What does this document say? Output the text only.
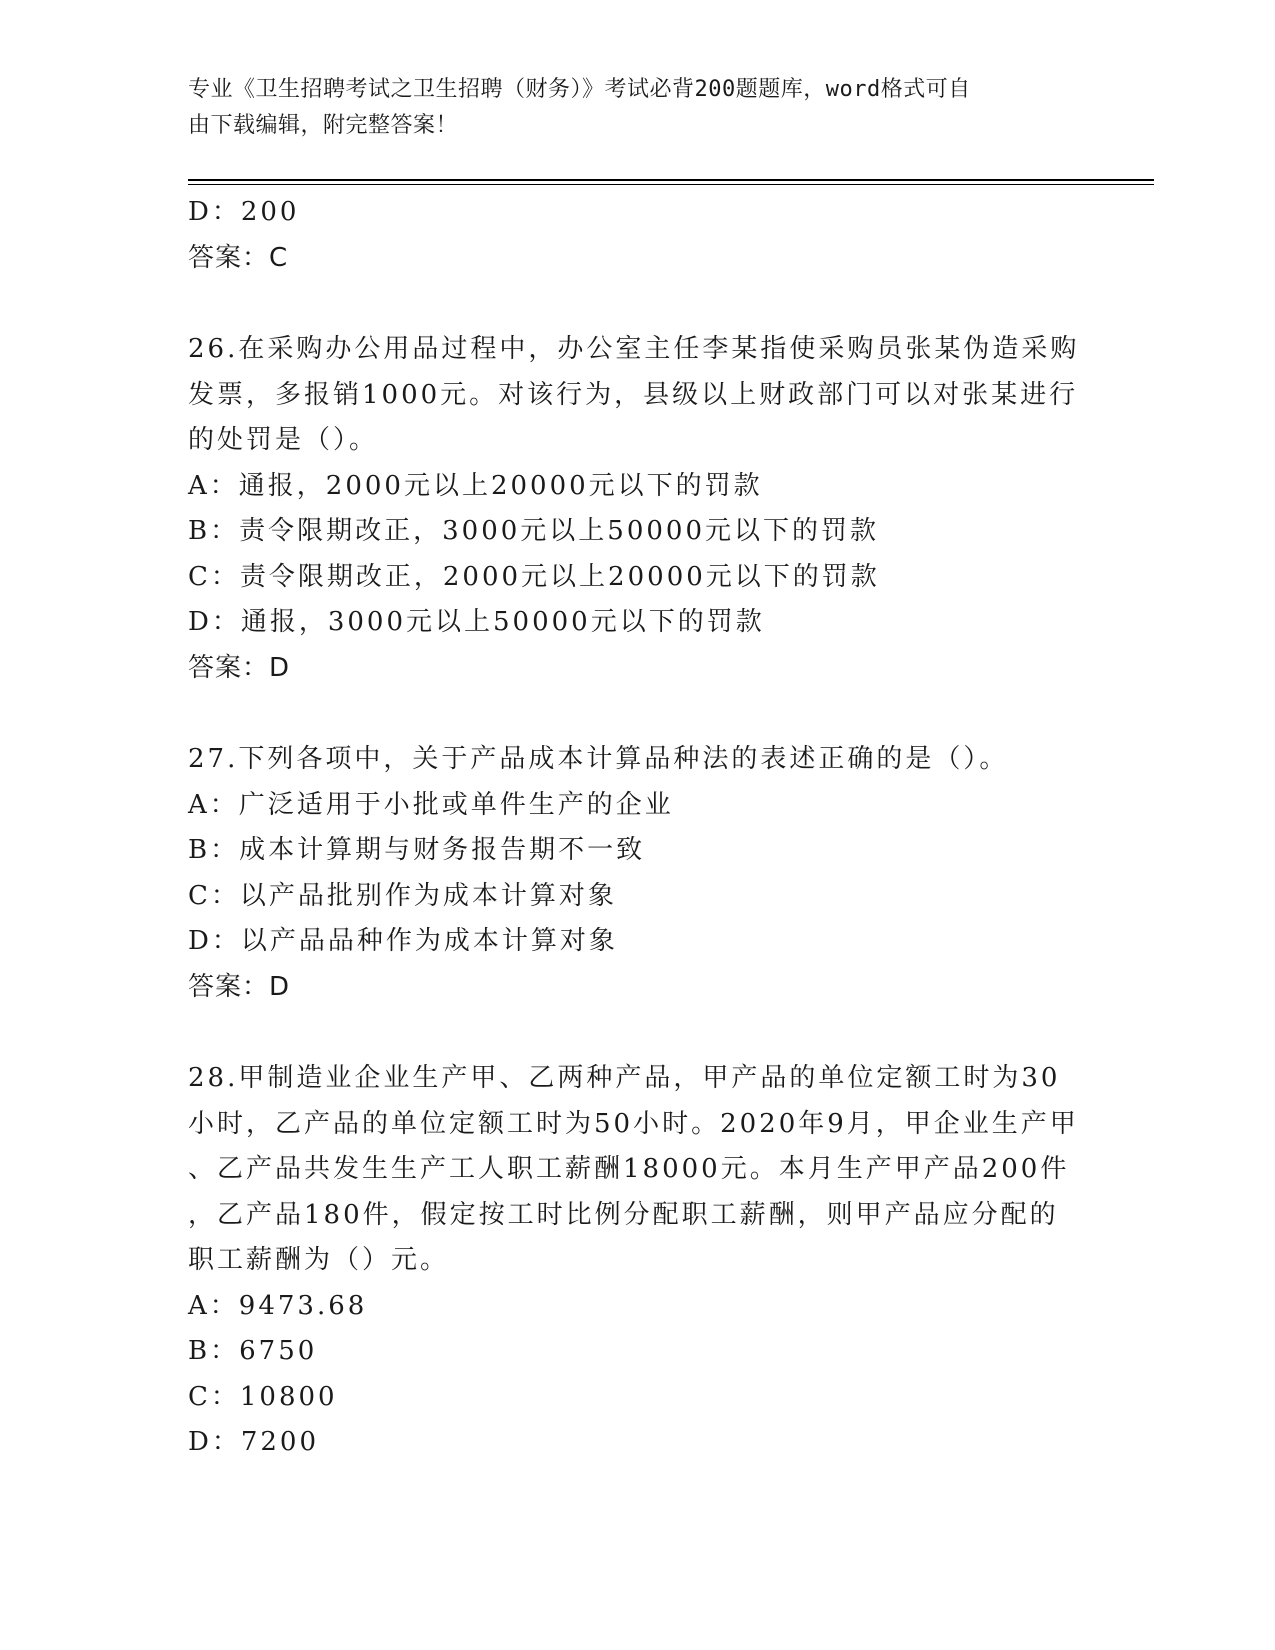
专业《卫生招聘考试之卫生招聘（财务）》考试必背200题题库，word格式可自
由下载编辑，附完整答案！
D：200
答案：C
26.在采购办公用品过程中，办公室主任李某指使采购员张某伪造采购
发票，多报销1000元。对该行为，县级以上财政部门可以对张某进行
的处罚是（）。
A：通报，2000元以上20000元以下的罚款
B：责令限期改正，3000元以上50000元以下的罚款
C：责令限期改正，2000元以上20000元以下的罚款
D：通报，3000元以上50000元以下的罚款
答案：D
27.下列各项中，关于产品成本计算品种法的表述正确的是（）。
A：广泛适用于小批或单件生产的企业
B：成本计算期与财务报告期不一致
C：以产品批别作为成本计算对象
D：以产品品种作为成本计算对象
答案：D
28.甲制造业企业生产甲、乙两种产品，甲产品的单位定额工时为30
小时，乙产品的单位定额工时为50小时。2020年9月，甲企业生产甲
、乙产品共发生生产工人职工薪酬18000元。本月生产甲产品200件
，乙产品180件，假定按工时比例分配职工薪酬，则甲产品应分配的
职工薪酬为（）元。
A：9473.68
B：6750
C：10800
D：7200
